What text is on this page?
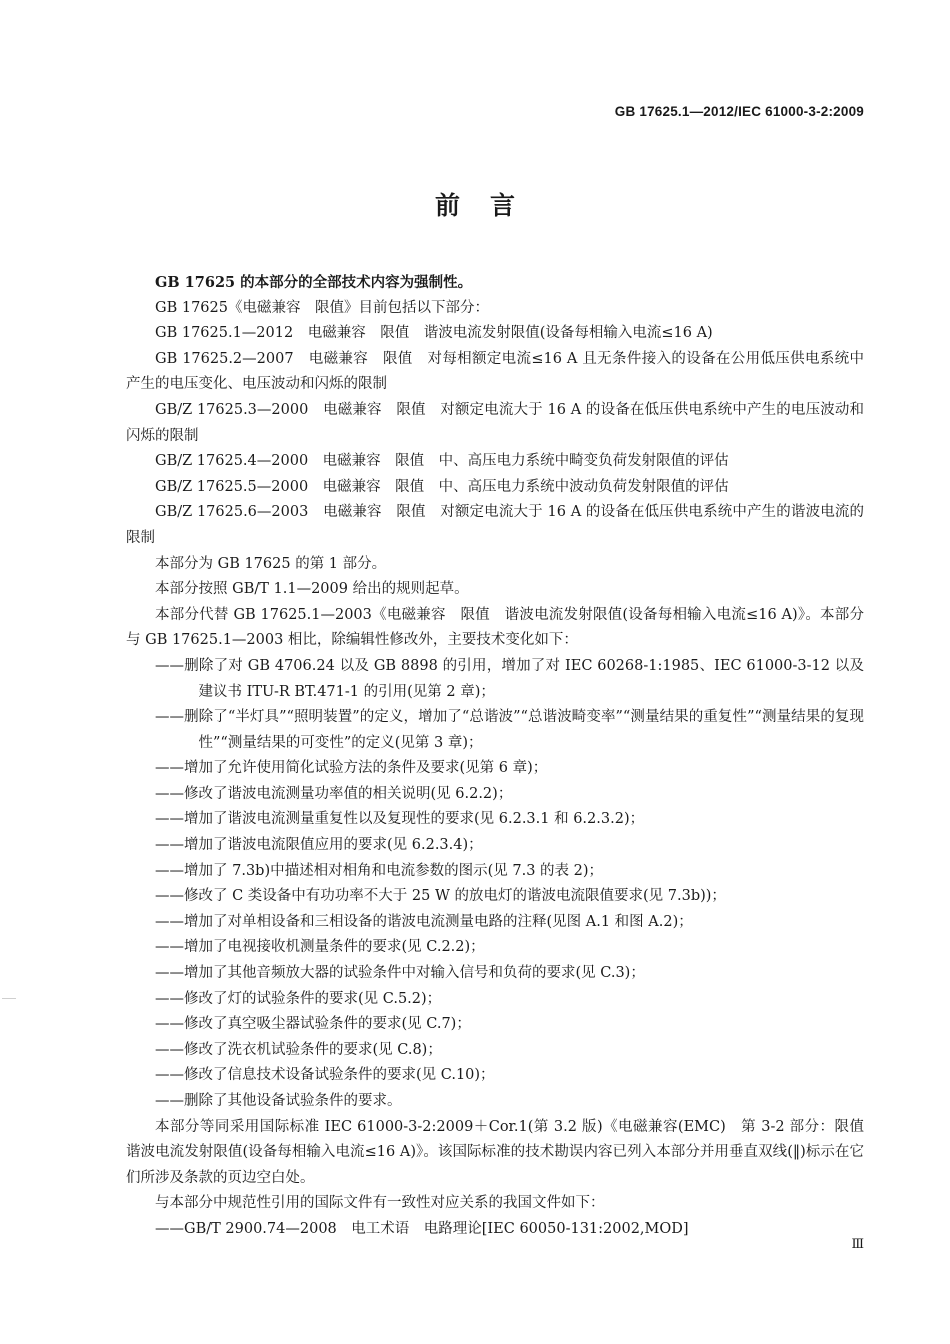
GB 17625.1—2012/IEC 61000-3-2:2009
前言

GB 17625 的本部分的全部技术内容为强制性。

GB 17625《电磁兼容　限值》目前包括以下部分：

GB 17625.1—2012　电磁兼容　限值　谐波电流发射限值(设备每相输入电流≤16 A)

GB 17625.2—2007　电磁兼容　限值　对每相额定电流≤16 A 且无条件接入的设备在公用低压供电系统中产生的电压变化、电压波动和闪烁的限制

GB/Z 17625.3—2000　电磁兼容　限值　对额定电流大于 16 A 的设备在低压供电系统中产生的电压波动和闪烁的限制

GB/Z 17625.4—2000　电磁兼容　限值　中、高压电力系统中畸变负荷发射限值的评估

GB/Z 17625.5—2000　电磁兼容　限值　中、高压电力系统中波动负荷发射限值的评估

GB/Z 17625.6—2003　电磁兼容　限值　对额定电流大于 16 A 的设备在低压供电系统中产生的谐波电流的限制

本部分为 GB 17625 的第 1 部分。

本部分按照 GB/T 1.1—2009 给出的规则起草。

本部分代替 GB 17625.1—2003《电磁兼容　限值　谐波电流发射限值(设备每相输入电流≤16 A)》。本部分与 GB 17625.1—2003 相比，除编辑性修改外，主要技术变化如下：

——删除了对 GB 4706.24 以及 GB 8898 的引用，增加了对 IEC 60268-1:1985、IEC 61000-3-12 以及建议书 ITU-R BT.471-1 的引用(见第 2 章)；

——删除了“半灯具”“照明装置”的定义，增加了“总谐波”“总谐波畸变率”“测量结果的重复性”“测量结果的复现性”“测量结果的可变性”的定义(见第 3 章)；

——增加了允许使用简化试验方法的条件及要求(见第 6 章)；

——修改了谐波电流测量功率值的相关说明(见 6.2.2)；

——增加了谐波电流测量重复性以及复现性的要求(见 6.2.3.1 和 6.2.3.2)；

——增加了谐波电流限值应用的要求(见 6.2.3.4)；

——增加了 7.3b)中描述相对相角和电流参数的图示(见 7.3 的表 2)；

——修改了 C 类设备中有功功率不大于 25 W 的放电灯的谐波电流限值要求(见 7.3b))；

——增加了对单相设备和三相设备的谐波电流测量电路的注释(见图 A.1 和图 A.2)；

——增加了电视接收机测量条件的要求(见 C.2.2)；

——增加了其他音频放大器的试验条件中对输入信号和负荷的要求(见 C.3)；

——修改了灯的试验条件的要求(见 C.5.2)；

——修改了真空吸尘器试验条件的要求(见 C.7)；

——修改了洗衣机试验条件的要求(见 C.8)；

——修改了信息技术设备试验条件的要求(见 C.10)；

——删除了其他设备试验条件的要求。

本部分等同采用国际标准 IEC 61000-3-2:2009＋Cor.1(第 3.2 版)《电磁兼容(EMC)　第 3-2 部分：限值　谐波电流发射限值(设备每相输入电流≤16 A)》。该国际标准的技术勘误内容已列入本部分并用垂直双线(‖)标示在它们所涉及条款的页边空白处。

与本部分中规范性引用的国际文件有一致性对应关系的我国文件如下：

——GB/T 2900.74—2008　电工术语　电路理论[IEC 60050-131:2002,MOD]

Ⅲ
